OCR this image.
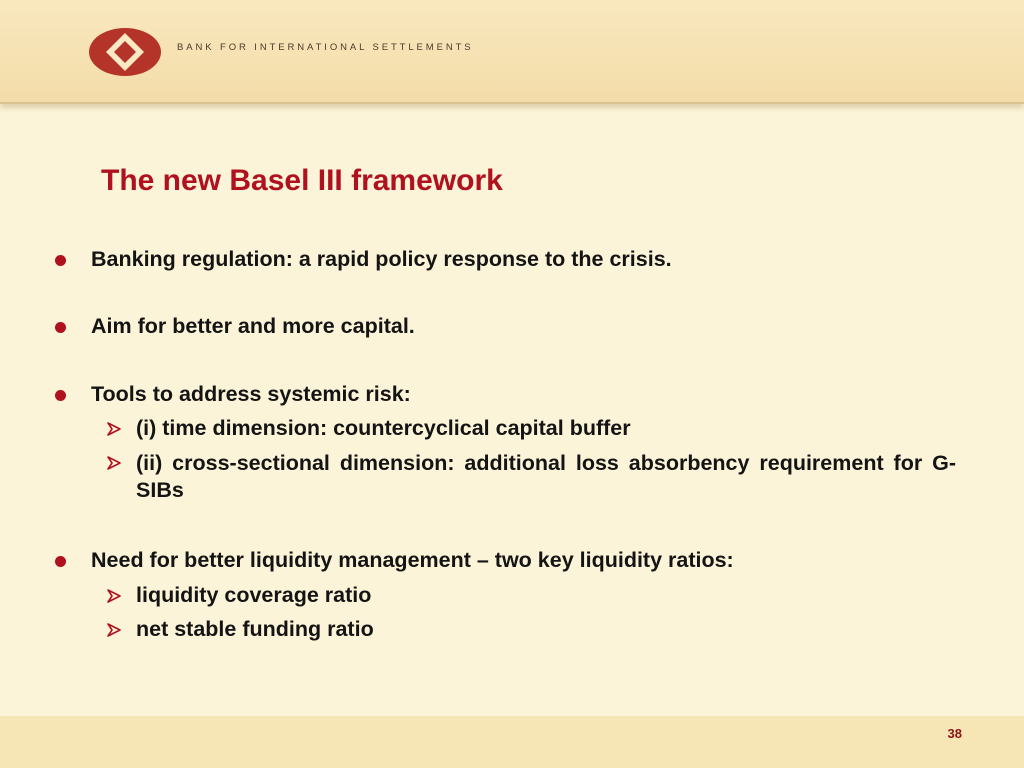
BANK FOR INTERNATIONAL SETTLEMENTS
The new Basel III framework

Banking regulation: a rapid policy response to the crisis.

Aim for better and more capital.

Tools to address systemic risk:

(i) time dimension: countercyclical capital buffer

(ii) cross-sectional dimension: additional loss absorbency requirement for G-SIBs

Need for better liquidity management – two key liquidity ratios:

liquidity coverage ratio

net stable funding ratio

38
